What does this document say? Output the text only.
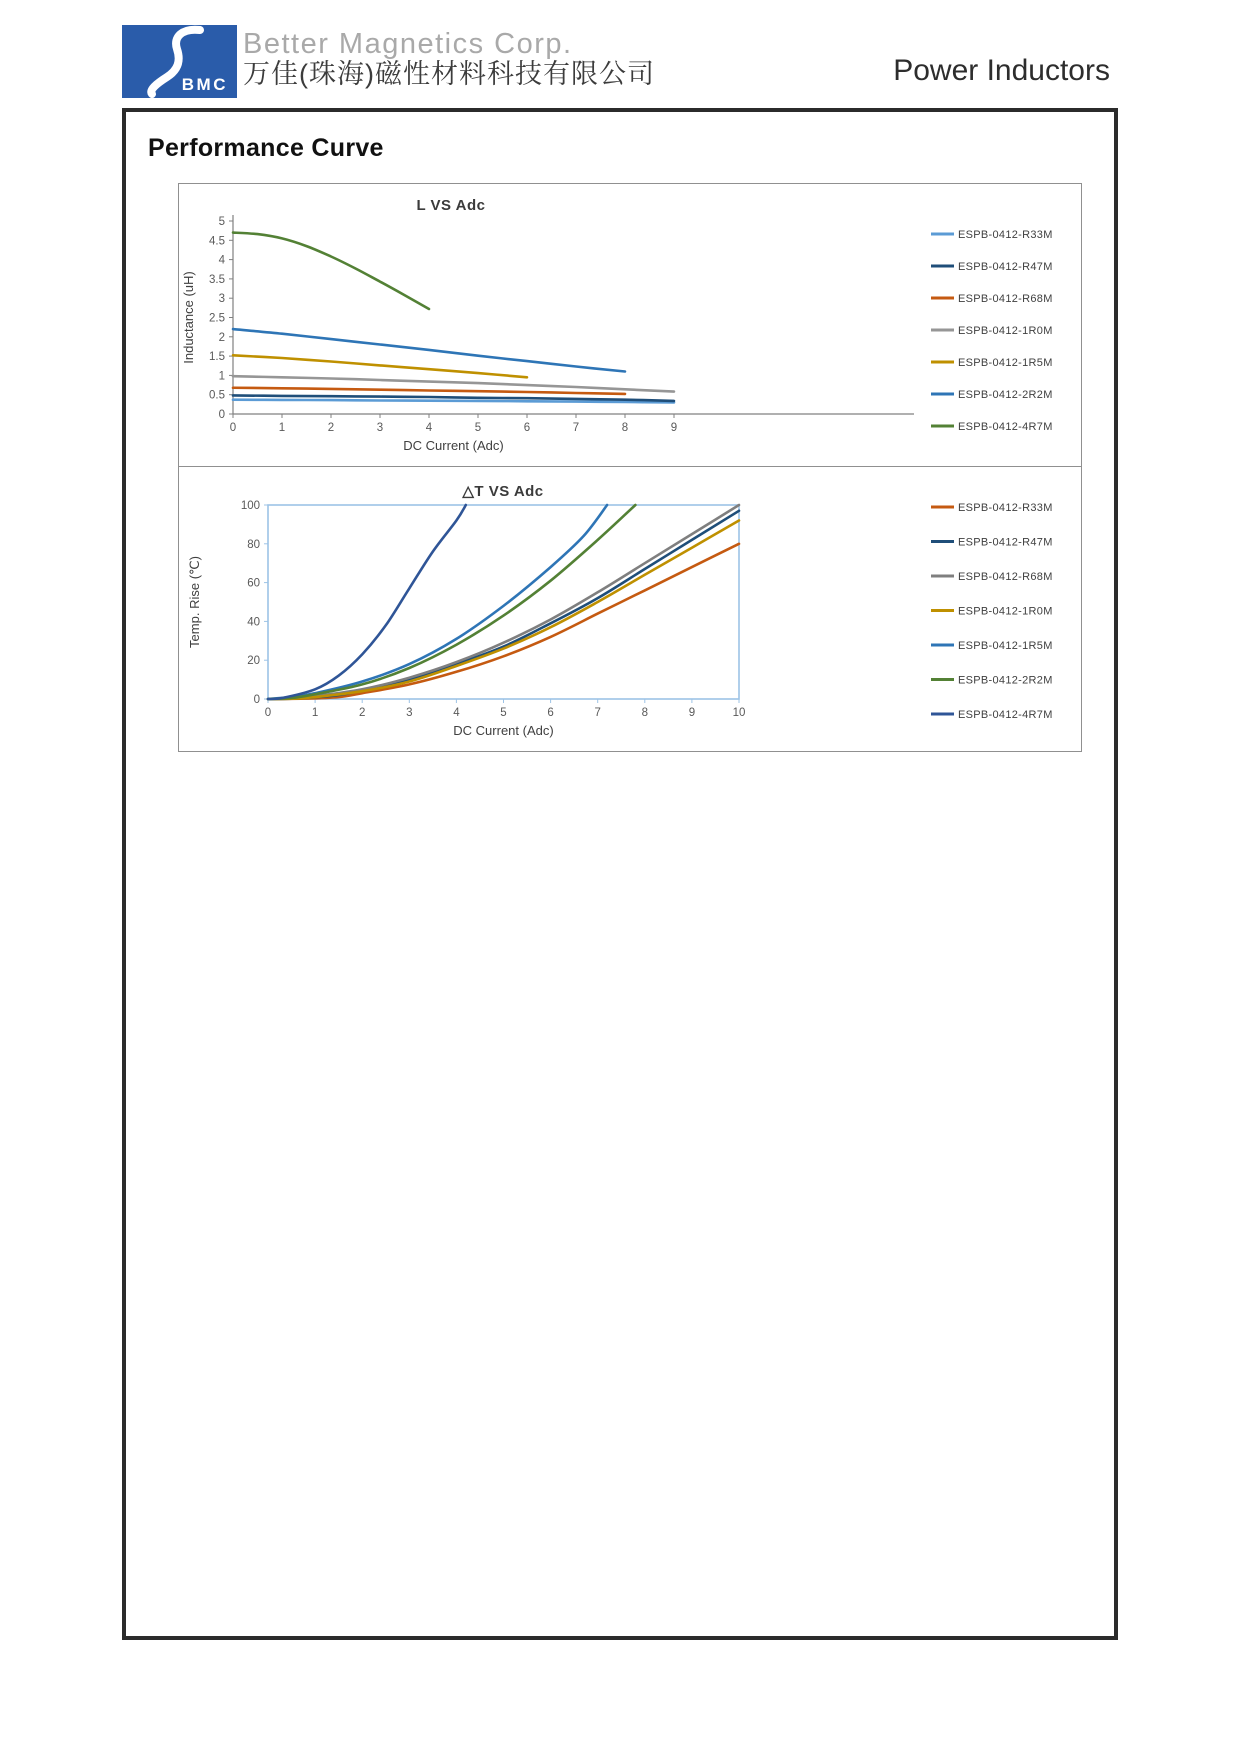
BMC
Better Magnetics Corp.
万佳(珠海)磁性材料科技有限公司	Power Inductors
Performance Curve
0
0.5
1
1.5
2
2.5
3
3.5
4
4.5
5
0	1	2	3	4	5	6	7	8	9
L VS Adc
DC Current (Adc)
Inductance (uH)
ESPB-0412-R33M
ESPB-0412-R47M
ESPB-0412-R68M
ESPB-0412-1R0M
ESPB-0412-1R5M
ESPB-0412-2R2M
ESPB-0412-4R7M
0
20
40
60
80
100
0	1	2	3	4	5	6	7	8	9	10
△T VS Adc
DC Current (Adc)
Temp. Rise (℃)
ESPB-0412-R33M
ESPB-0412-R47M
ESPB-0412-R68M
ESPB-0412-1R0M
ESPB-0412-1R5M
ESPB-0412-2R2M
ESPB-0412-4R7M
